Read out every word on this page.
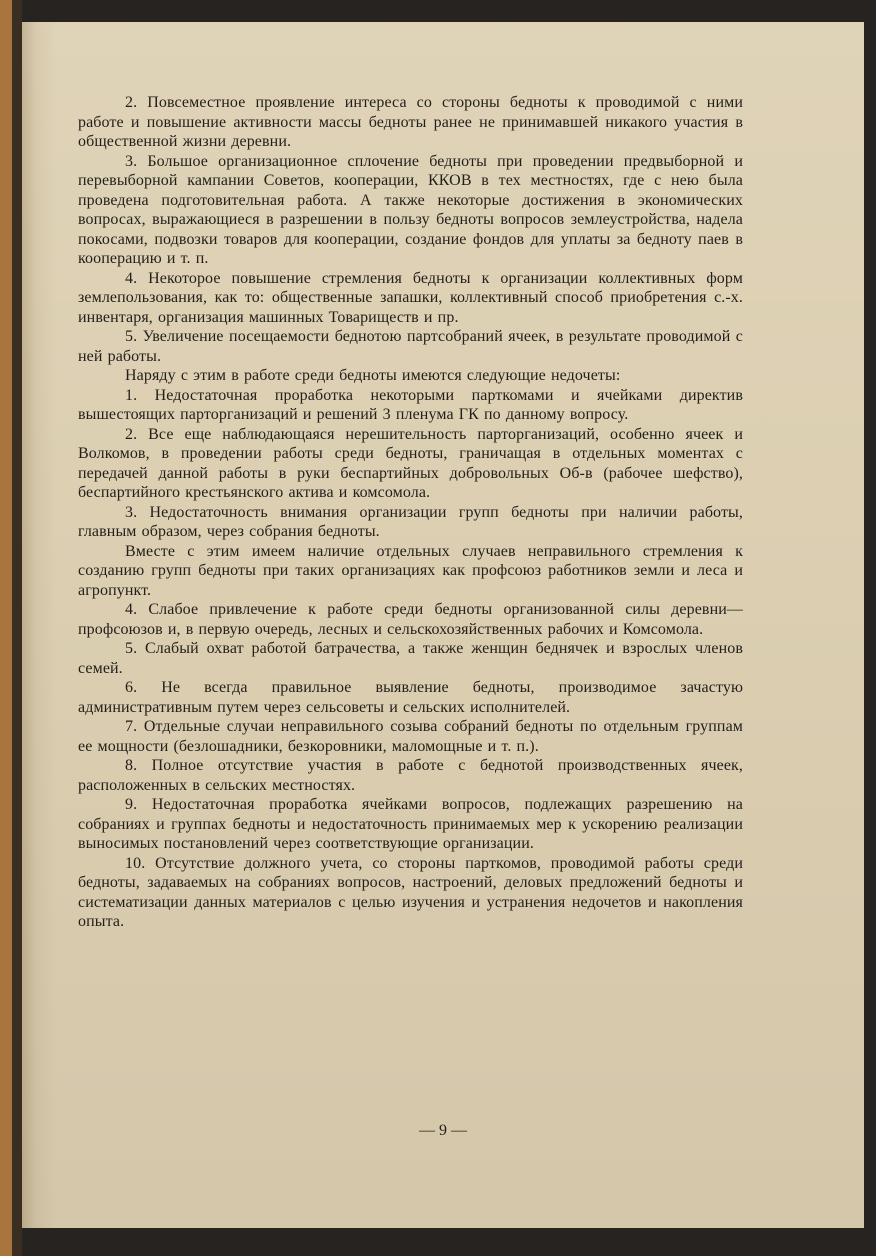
2. Повсеместное проявление интереса со стороны бедноты к проводимой с ними работе и повышение активности массы бедноты ранее не принимавшей никакого участия в общественной жизни деревни.

3. Большое организационное сплочение бедноты при проведении предвыборной и перевыборной кампании Советов, кооперации, ККОВ в тех местностях, где с нею была проведена подготовительная работа. А также некоторые достижения в экономических вопросах, выражающиеся в разрешении в пользу бедноты вопросов землеустройства, надела покосами, подвозки товаров для кооперации, создание фондов для уплаты за бедноту паев в кооперацию и т. п.

4. Некоторое повышение стремления бедноты к организации коллективных форм землепользования, как то: общественные запашки, коллективный способ приобретения с.-х. инвентаря, организация машинных Товариществ и пр.

5. Увеличение посещаемости беднотою партсобраний ячеек, в результате проводимой с ней работы.

Наряду с этим в работе среди бедноты имеются следующие недочеты:

1. Недостаточная проработка некоторыми парткомами и ячейками директив вышестоящих парторганизаций и решений 3 пленума ГК по данному вопросу.

2. Все еще наблюдающаяся нерешительность парторганизаций, особенно ячеек и Волкомов, в проведении работы среди бедноты, граничащая в отдельных моментах с передачей данной работы в руки беспартийных добровольных Об-в (рабочее шефство), беспартийного крестьянского актива и комсомола.

3. Недостаточность внимания организации групп бедноты при наличии работы, главным образом, через собрания бедноты.

Вместе с этим имеем наличие отдельных случаев неправильного стремления к созданию групп бедноты при таких организациях как профсоюз работников земли и леса и агропункт.

4. Слабое привлечение к работе среди бедноты организованной силы деревни—профсоюзов и, в первую очередь, лесных и сельскохозяйственных рабочих и Комсомола.

5. Слабый охват работой батрачества, а также женщин беднячек и взрослых членов семей.

6. Не всегда правильное выявление бедноты, производимое зачастую административным путем через сельсоветы и сельских исполнителей.

7. Отдельные случаи неправильного созыва собраний бедноты по отдельным группам ее мощности (безлошадники, безкоровники, маломощные и т. п.).

8. Полное отсутствие участия в работе с беднотой производственных ячеек, расположенных в сельских местностях.

9. Недостаточная проработка ячейками вопросов, подлежащих разрешению на собраниях и группах бедноты и недостаточность принимаемых мер к ускорению реализации выносимых постановлений через соответствующие организации.

10. Отсутствие должного учета, со стороны парткомов, проводимой работы среди бедноты, задаваемых на собраниях вопросов, настроений, деловых предложений бедноты и систематизации данных материалов с целью изучения и устранения недочетов и накопления опыта.

— 9 —
